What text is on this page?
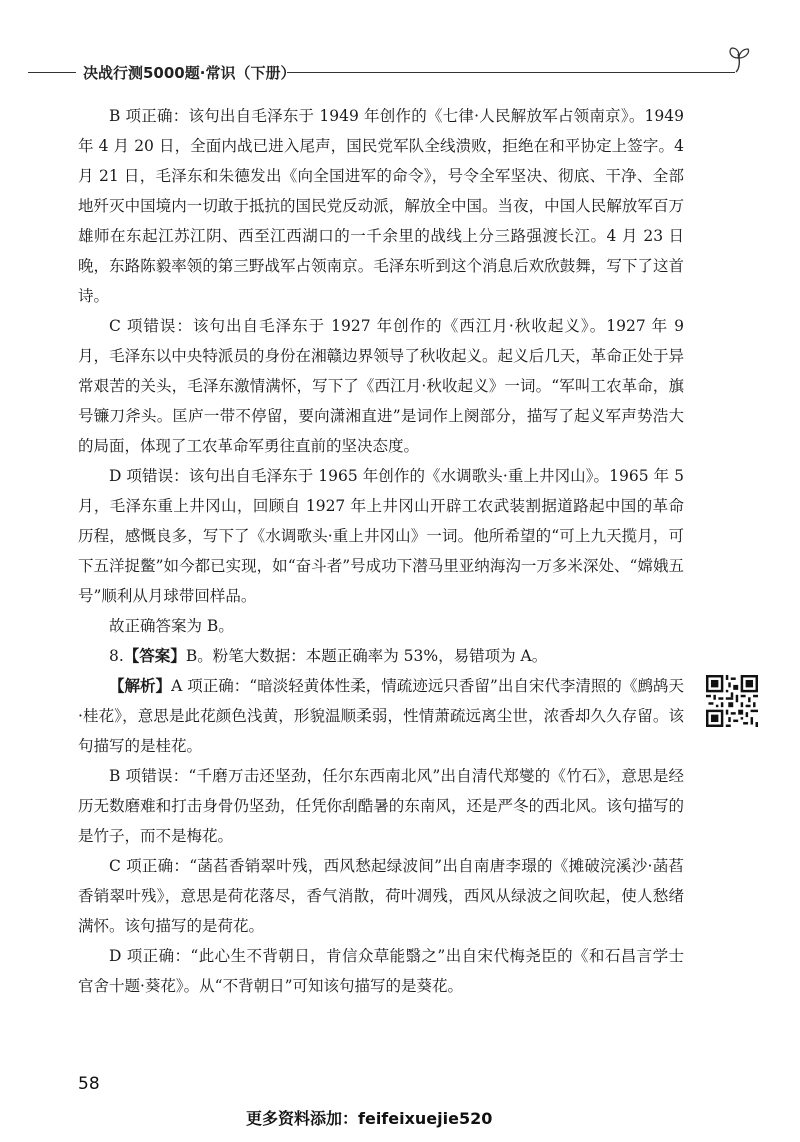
决战行测5000题·常识（下册）

B 项正确：该句出自毛泽东于 1949 年创作的《七律·人民解放军占领南京》。1949 年 4 月 20 日，全面内战已进入尾声，国民党军队全线溃败，拒绝在和平协定上签字。4 月 21 日，毛泽东和朱德发出《向全国进军的命令》，号令全军坚决、彻底、干净、全部地歼灭中国境内一切敢于抵抗的国民党反动派，解放全中国。当夜，中国人民解放军百万雄师在东起江苏江阴、西至江西湖口的一千余里的战线上分三路强渡长江。4 月 23 日晚，东路陈毅率领的第三野战军占领南京。毛泽东听到这个消息后欢欣鼓舞，写下了这首诗。

C 项错误：该句出自毛泽东于 1927 年创作的《西江月·秋收起义》。1927 年 9 月，毛泽东以中央特派员的身份在湘赣边界领导了秋收起义。起义后几天，革命正处于异常艰苦的关头，毛泽东激情满怀，写下了《西江月·秋收起义》一词。“军叫工农革命，旗号镰刀斧头。匡庐一带不停留，要向潇湘直进”是词作上阕部分，描写了起义军声势浩大的局面，体现了工农革命军勇往直前的坚决态度。

D 项错误：该句出自毛泽东于 1965 年创作的《水调歌头·重上井冈山》。1965 年 5 月，毛泽东重上井冈山，回顾自 1927 年上井冈山开辟工农武装割据道路起中国的革命历程，感慨良多，写下了《水调歌头·重上井冈山》一词。他所希望的“可上九天揽月，可下五洋捉鳖”如今都已实现，如“奋斗者”号成功下潜马里亚纳海沟一万多米深处、“嫦娥五号”顺利从月球带回样品。

故正确答案为 B。

8.【答案】B。粉笔大数据：本题正确率为 53%，易错项为 A。

【解析】A 项正确：“暗淡轻黄体性柔，情疏迹远只香留”出自宋代李清照的《鹧鸪天·桂花》，意思是此花颜色浅黄，形貌温顺柔弱，性情萧疏远离尘世，浓香却久久存留。该句描写的是桂花。

B 项错误：“千磨万击还坚劲，任尔东西南北风”出自清代郑燮的《竹石》，意思是经历无数磨难和打击身骨仍坚劲，任凭你刮酷暑的东南风，还是严冬的西北风。该句描写的是竹子，而不是梅花。

C 项正确：“菡萏香销翠叶残，西风愁起绿波间”出自南唐李璟的《摊破浣溪沙·菡萏香销翠叶残》，意思是荷花落尽，香气消散，荷叶凋残，西风从绿波之间吹起，使人愁绪满怀。该句描写的是荷花。

D 项正确：“此心生不背朝日，肯信众草能翳之”出自宋代梅尧臣的《和石昌言学士官舍十题·葵花》。从“不背朝日”可知该句描写的是葵花。

58
更多资料添加：feifeixuejie520
